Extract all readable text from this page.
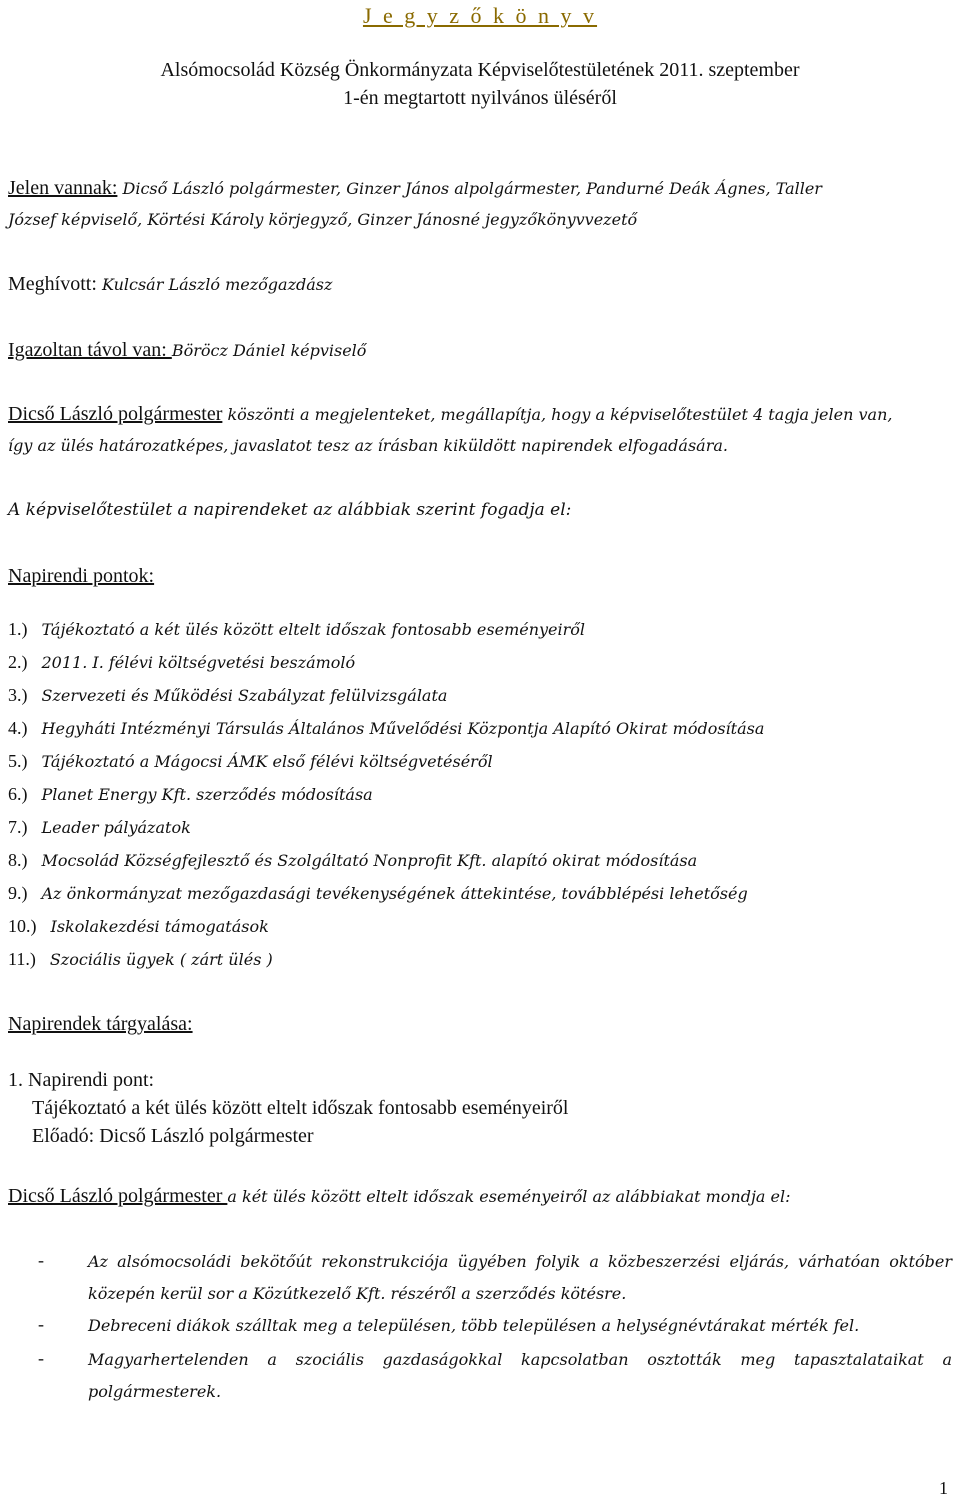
J e g y z ő k ö n y v
Alsómocsolád Község Önkormányzata Képviselőtestületének 2011. szeptember
1-én megtartott nyilvános üléséről
Jelen vannak: Dicső László polgármester, Ginzer János alpolgármester, Pandurné Deák Ágnes, Taller
József képviselő, Körtési Károly körjegyző, Ginzer Jánosné jegyzőkönyvvezető
Meghívott: Kulcsár László mezőgazdász
Igazoltan távol van: Böröcz Dániel képviselő
Dicső László polgármester köszönti a megjelenteket, megállapítja, hogy a képviselőtestület 4 tagja jelen van,
így az ülés határozatképes, javaslatot tesz az írásban kiküldött napirendek elfogadására.
A képviselőtestület a napirendeket az alábbiak szerint fogadja el:
Napirendi pontok:
1.) Tájékoztató a két ülés között eltelt időszak fontosabb eseményeiről
2.) 2011. I. félévi költségvetési beszámoló
3.) Szervezeti és Működési Szabályzat felülvizsgálata
4.) Hegyháti Intézményi Társulás Általános Művelődési Központja Alapító Okirat módosítása
5.) Tájékoztató a Mágocsi ÁMK első félévi költségvetéséről
6.) Planet Energy Kft. szerződés módosítása
7.) Leader pályázatok
8.) Mocsolád Községfejlesztő és Szolgáltató Nonprofit Kft. alapító okirat módosítása
9.) Az önkormányzat mezőgazdasági tevékenységének áttekintése, továbblépési lehetőség
10.) Iskolakezdési támogatások
11.) Szociális ügyek ( zárt ülés )
Napirendek tárgyalása:
1. Napirendi pont:
Tájékoztató a két ülés között eltelt időszak fontosabb eseményeiről
Előadó: Dicső László polgármester
Dicső László polgármester a két ülés között eltelt időszak eseményeiről az alábbiakat mondja el:
-	Az alsómocsoládi bekötőút rekonstrukciója ügyében folyik a közbeszerzési eljárás, várhatóan október közepén kerül sor a Közútkezelő Kft. részéről a szerződés kötésre.
-	Debreceni diákok szálltak meg a településen, több településen a helységnévtárakat mérték fel.
-	Magyarhertelenden a szociális gazdaságokkal kapcsolatban osztották meg tapasztalataikat a polgármesterek.
1
